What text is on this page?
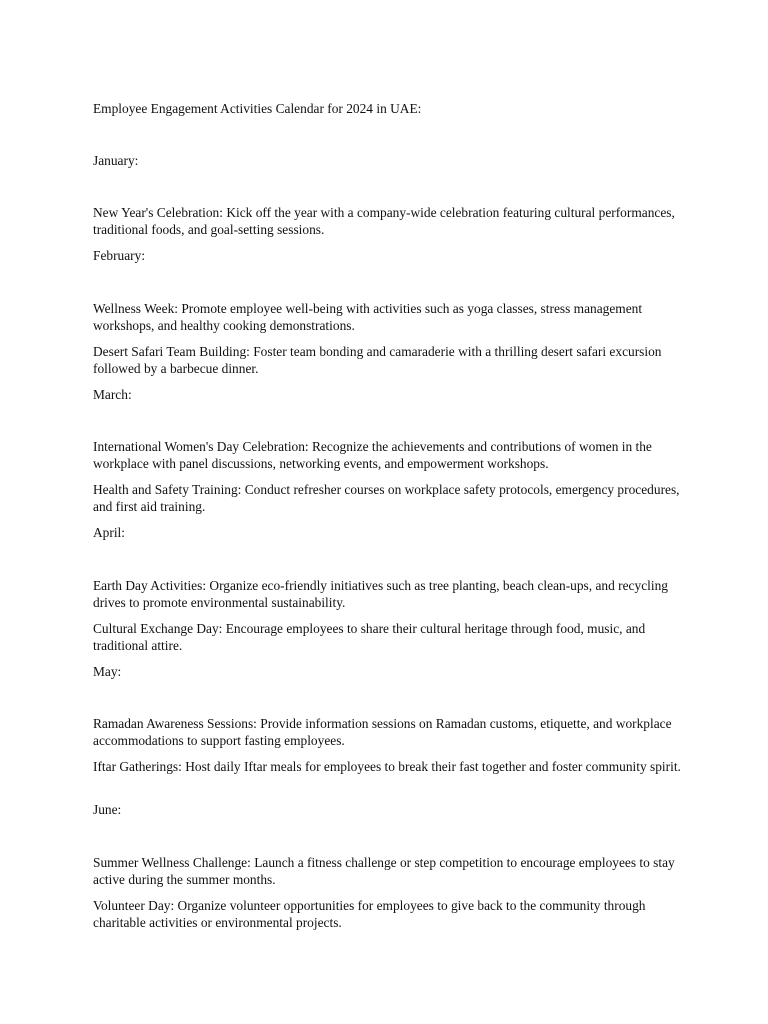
Employee Engagement Activities Calendar for 2024 in UAE:

January:

New Year's Celebration: Kick off the year with a company-wide celebration featuring cultural performances, traditional foods, and goal-setting sessions.

February:

Wellness Week: Promote employee well-being with activities such as yoga classes, stress management workshops, and healthy cooking demonstrations.

Desert Safari Team Building: Foster team bonding and camaraderie with a thrilling desert safari excursion followed by a barbecue dinner.

March:

International Women's Day Celebration: Recognize the achievements and contributions of women in the workplace with panel discussions, networking events, and empowerment workshops.

Health and Safety Training: Conduct refresher courses on workplace safety protocols, emergency procedures, and first aid training.

April:

Earth Day Activities: Organize eco-friendly initiatives such as tree planting, beach clean-ups, and recycling drives to promote environmental sustainability.

Cultural Exchange Day: Encourage employees to share their cultural heritage through food, music, and traditional attire.

May:

Ramadan Awareness Sessions: Provide information sessions on Ramadan customs, etiquette, and workplace accommodations to support fasting employees.

Iftar Gatherings: Host daily Iftar meals for employees to break their fast together and foster community spirit.

June:

Summer Wellness Challenge: Launch a fitness challenge or step competition to encourage employees to stay active during the summer months.

Volunteer Day: Organize volunteer opportunities for employees to give back to the community through charitable activities or environmental projects.
